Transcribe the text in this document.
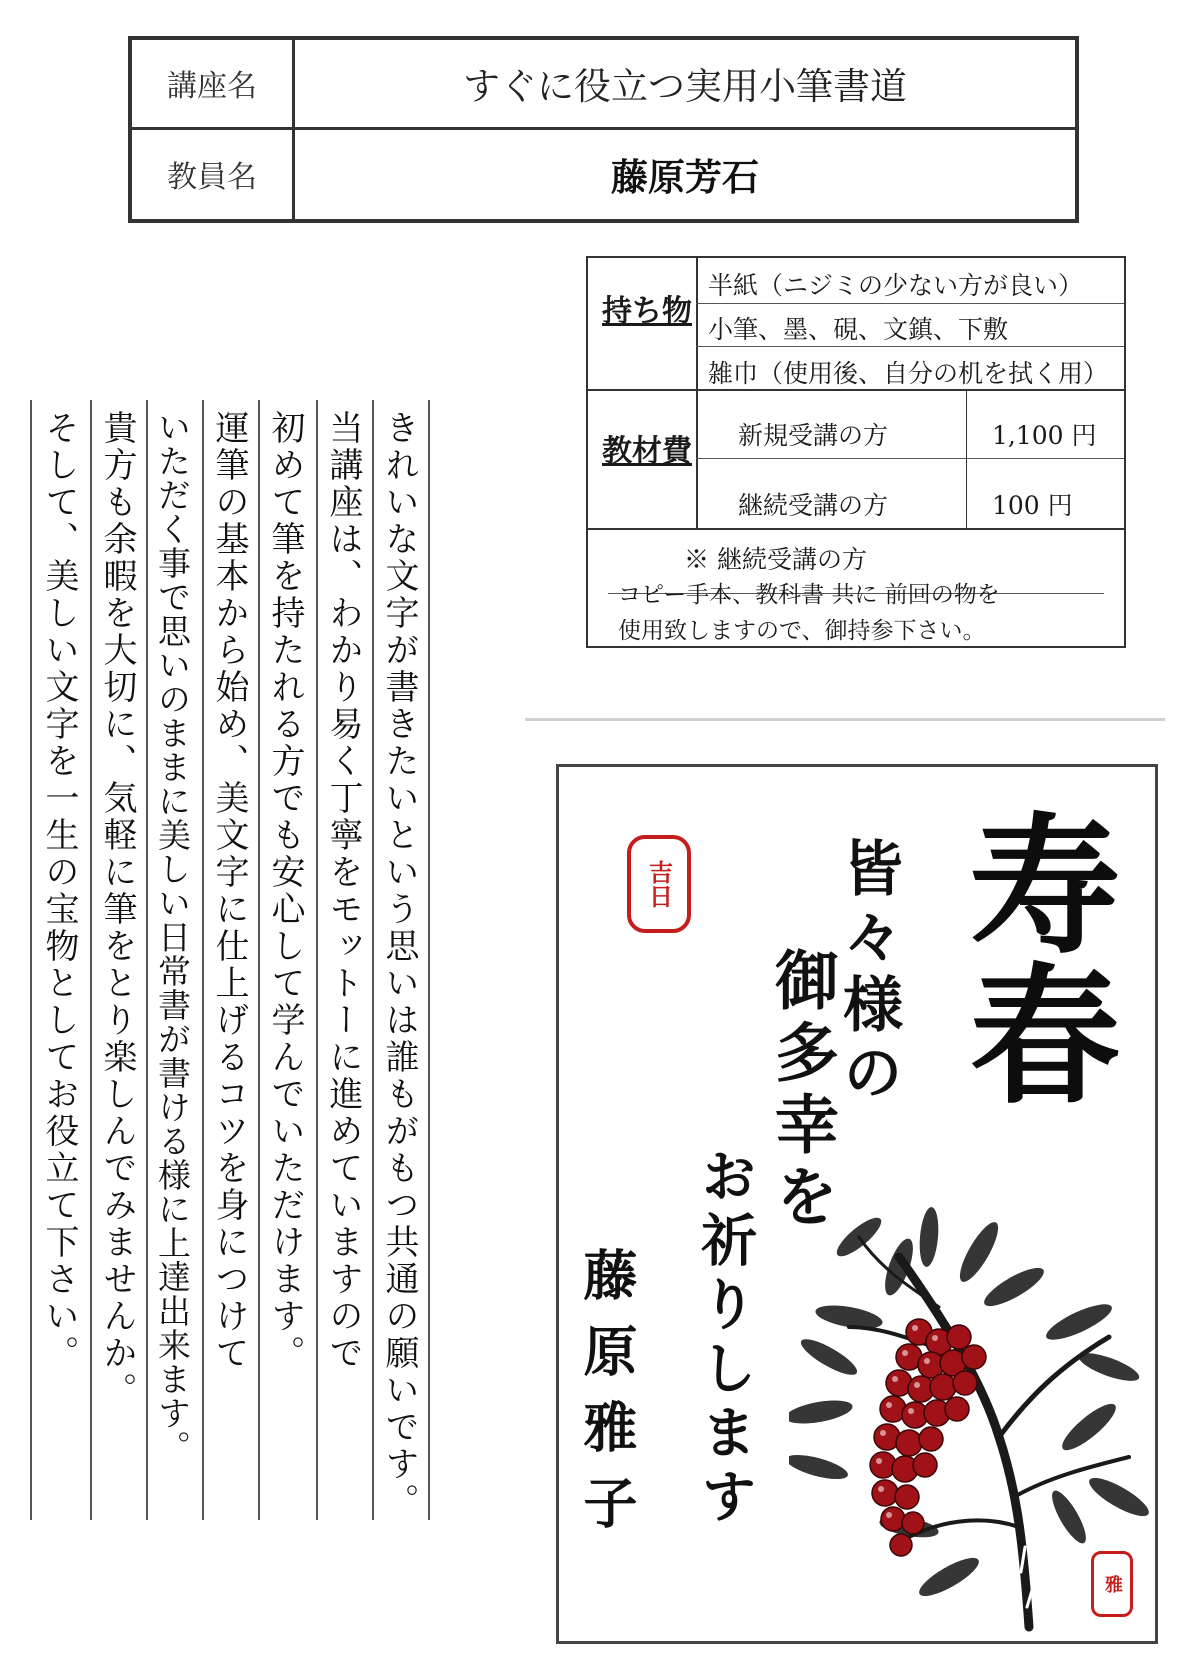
講座名	すぐに役立つ実用小筆書道
教員名	藤原芳石
持ち物
半紙（ニジミの少ない方が良い）
小筆、墨、硯、文鎮、下敷
雑巾（使用後、自分の机を拭く用）
教材費 新規受講の方	1,100 円
継続受講の方	100 円
※ 継続受講の方
コピー手本、教科書 共に 前回の物を
使用致しますので、御持参下さい。
きれいな文字が書きたいという思いは誰もがもつ共通の願いです。
当講座は、わかり易く丁寧をモットーに進めていますので
初めて筆を持たれる方でも安心して学んでいただけます。
運筆の基本から始め、美文字に仕上げるコツを身につけて
いただく事で思いのままに美しい日常書が書ける様に上達出来ます。
貴方も余暇を大切に、気軽に筆をとり楽しんでみませんか。
そして、美しい文字を一生の宝物としてお役立て下さい。	吉日 寿春
皆々様の
御多幸を
お祈りします
藤原雅子
雅
